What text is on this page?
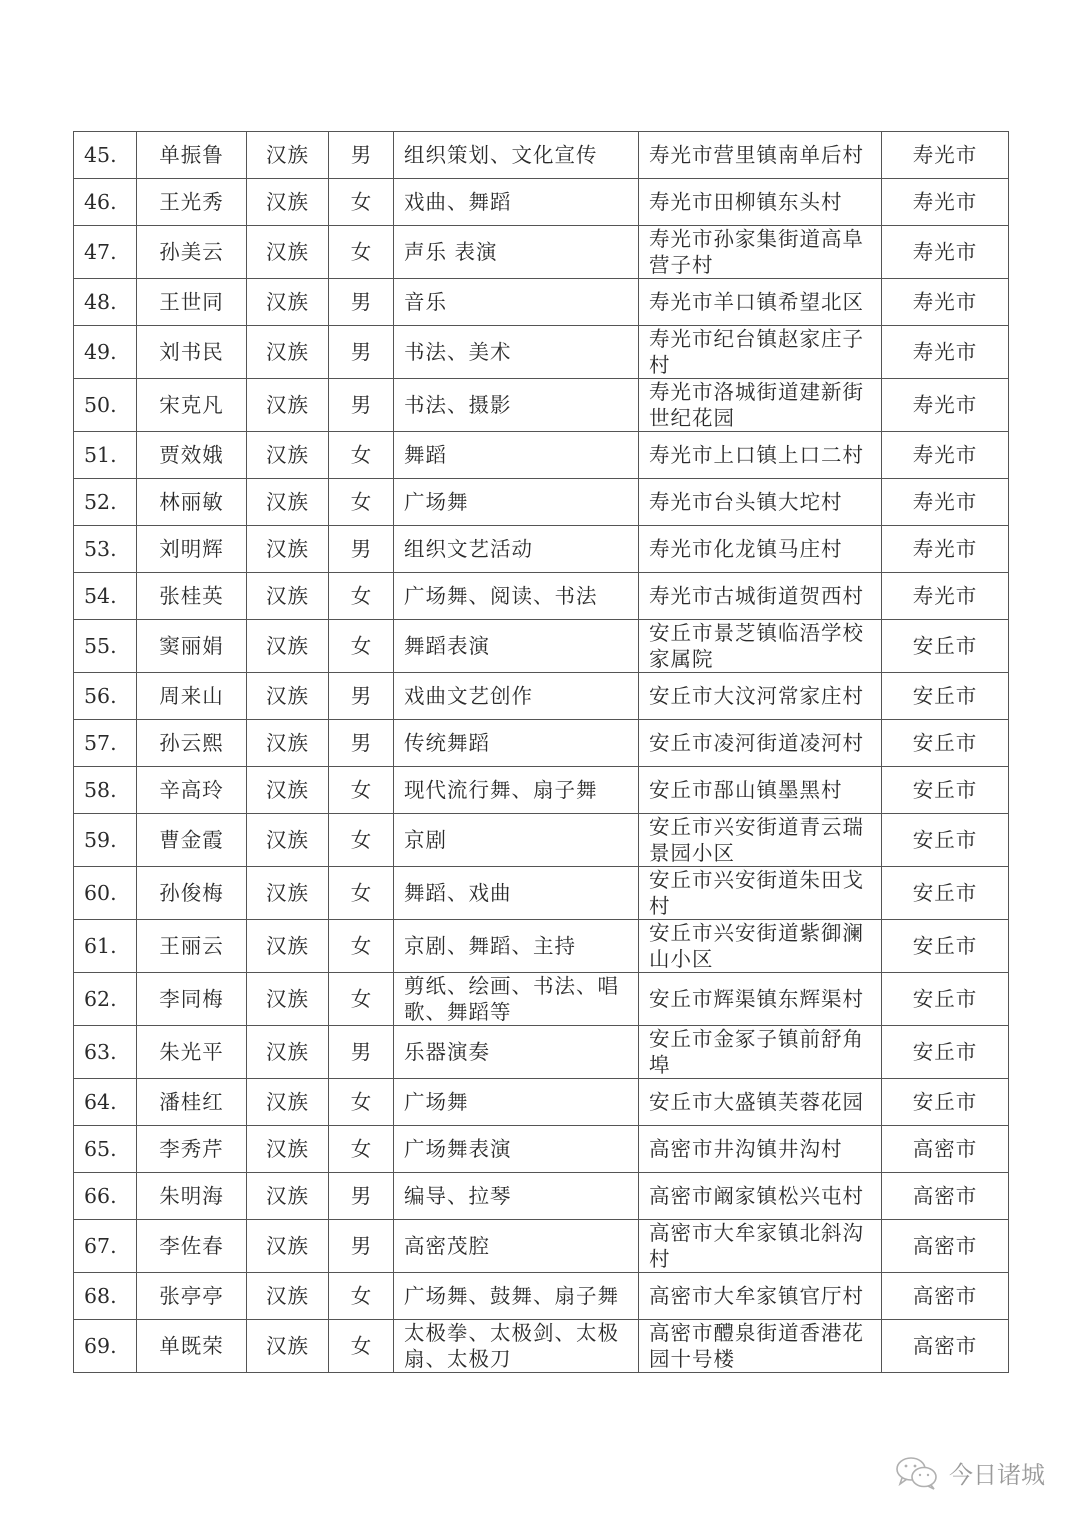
45.	单振鲁	汉族	男	组织策划、文化宣传	寿光市营里镇南单后村	寿光市
46.	王光秀	汉族	女	戏曲、舞蹈	寿光市田柳镇东头村	寿光市
47.	孙美云	汉族	女	声乐 表演	寿光市孙家集街道高阜营子村	寿光市
48.	王世同	汉族	男	音乐	寿光市羊口镇希望北区	寿光市
49.	刘书民	汉族	男	书法、美术	寿光市纪台镇赵家庄子村	寿光市
50.	宋克凡	汉族	男	书法、摄影	寿光市洛城街道建新街世纪花园	寿光市
51.	贾效娥	汉族	女	舞蹈	寿光市上口镇上口二村	寿光市
52.	林丽敏	汉族	女	广场舞	寿光市台头镇大坨村	寿光市
53.	刘明辉	汉族	男	组织文艺活动	寿光市化龙镇马庄村	寿光市
54.	张桂英	汉族	女	广场舞、阅读、书法	寿光市古城街道贺西村	寿光市
55.	窦丽娟	汉族	女	舞蹈表演	安丘市景芝镇临浯学校家属院	安丘市
56.	周来山	汉族	男	戏曲文艺创作	安丘市大汶河常家庄村	安丘市
57.	孙云熙	汉族	男	传统舞蹈	安丘市凌河街道凌河村	安丘市
58.	辛高玲	汉族	女	现代流行舞、扇子舞	安丘市郚山镇墨黑村	安丘市
59.	曹金霞	汉族	女	京剧	安丘市兴安街道青云瑞景园小区	安丘市
60.	孙俊梅	汉族	女	舞蹈、戏曲	安丘市兴安街道朱田戈村	安丘市
61.	王丽云	汉族	女	京剧、舞蹈、主持	安丘市兴安街道紫御澜山小区	安丘市
62.	李同梅	汉族	女	剪纸、绘画、书法、唱歌、舞蹈等	安丘市辉渠镇东辉渠村	安丘市
63.	朱光平	汉族	男	乐器演奏	安丘市金冢子镇前舒角埠	安丘市
64.	潘桂红	汉族	女	广场舞	安丘市大盛镇芙蓉花园	安丘市
65.	李秀芹	汉族	女	广场舞表演	高密市井沟镇井沟村	高密市
66.	朱明海	汉族	男	编导、拉琴	高密市阚家镇松兴屯村	高密市
67.	李佐春	汉族	男	高密茂腔	高密市大牟家镇北斜沟村	高密市
68.	张亭亭	汉族	女	广场舞、鼓舞、扇子舞	高密市大牟家镇官厅村	高密市
69.	单既荣	汉族	女	太极拳、太极剑、太极扇、太极刀	高密市醴泉街道香港花园十号楼	高密市
今日诸城
